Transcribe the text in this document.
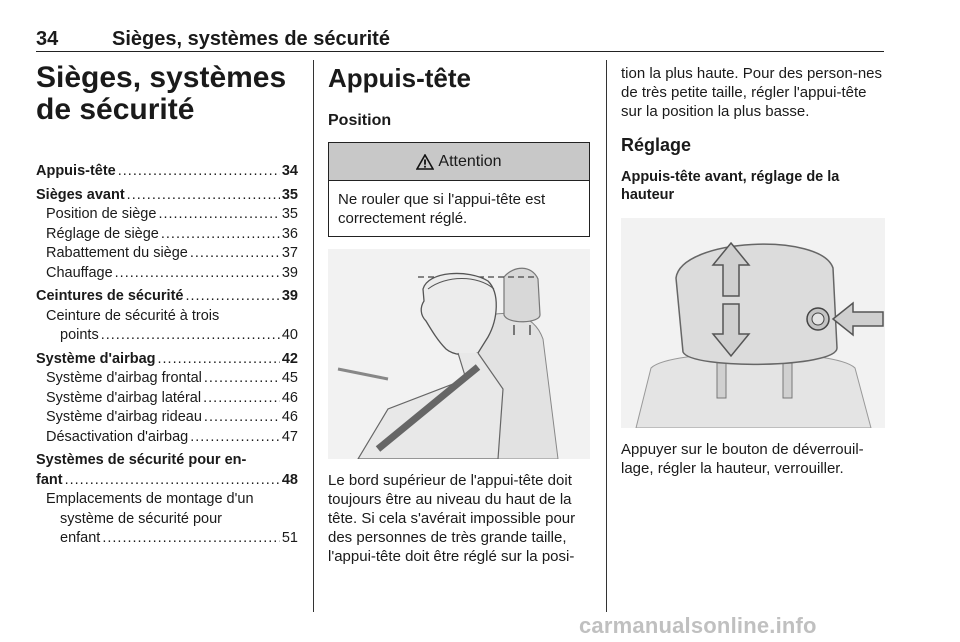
34	Sièges, systèmes de sécurité
Sièges, systèmes
de sécurité
Appuis-tête .....	34
Sièges avant .....	35
Position de siège .....	35
Réglage de siège .....	36
Rabattement du siège .....	37
Chauffage .....	39
Ceintures de sécurité .....	39
Ceinture de sécurité à trois
points .....	40
Système d'airbag .....	42
Système d'airbag frontal .....	45
Système d'airbag latéral .....	46
Système d'airbag rideau .....	46
Désactivation d'airbag .....	47
Systèmes de sécurité pour en-
fant .....	48
Emplacements de montage d'un
système de sécurité pour
enfant .....	51
Appuis-tête
Position
Attention
Ne rouler que si l'appui-tête est correctement réglé.
Le bord supérieur de l'appui-tête doit toujours être au niveau du haut de la tête. Si cela s'avérait impossible pour des personnes de très grande taille, l'appui-tête doit être réglé sur la posi-
tion la plus haute. Pour des person-nes de très petite taille, régler l'appui-tête sur la position la plus basse.
Réglage
Appuis-tête avant, réglage de la hauteur
Appuyer sur le bouton de déverrouil-lage, régler la hauteur, verrouiller.
carmanualsonline.info
